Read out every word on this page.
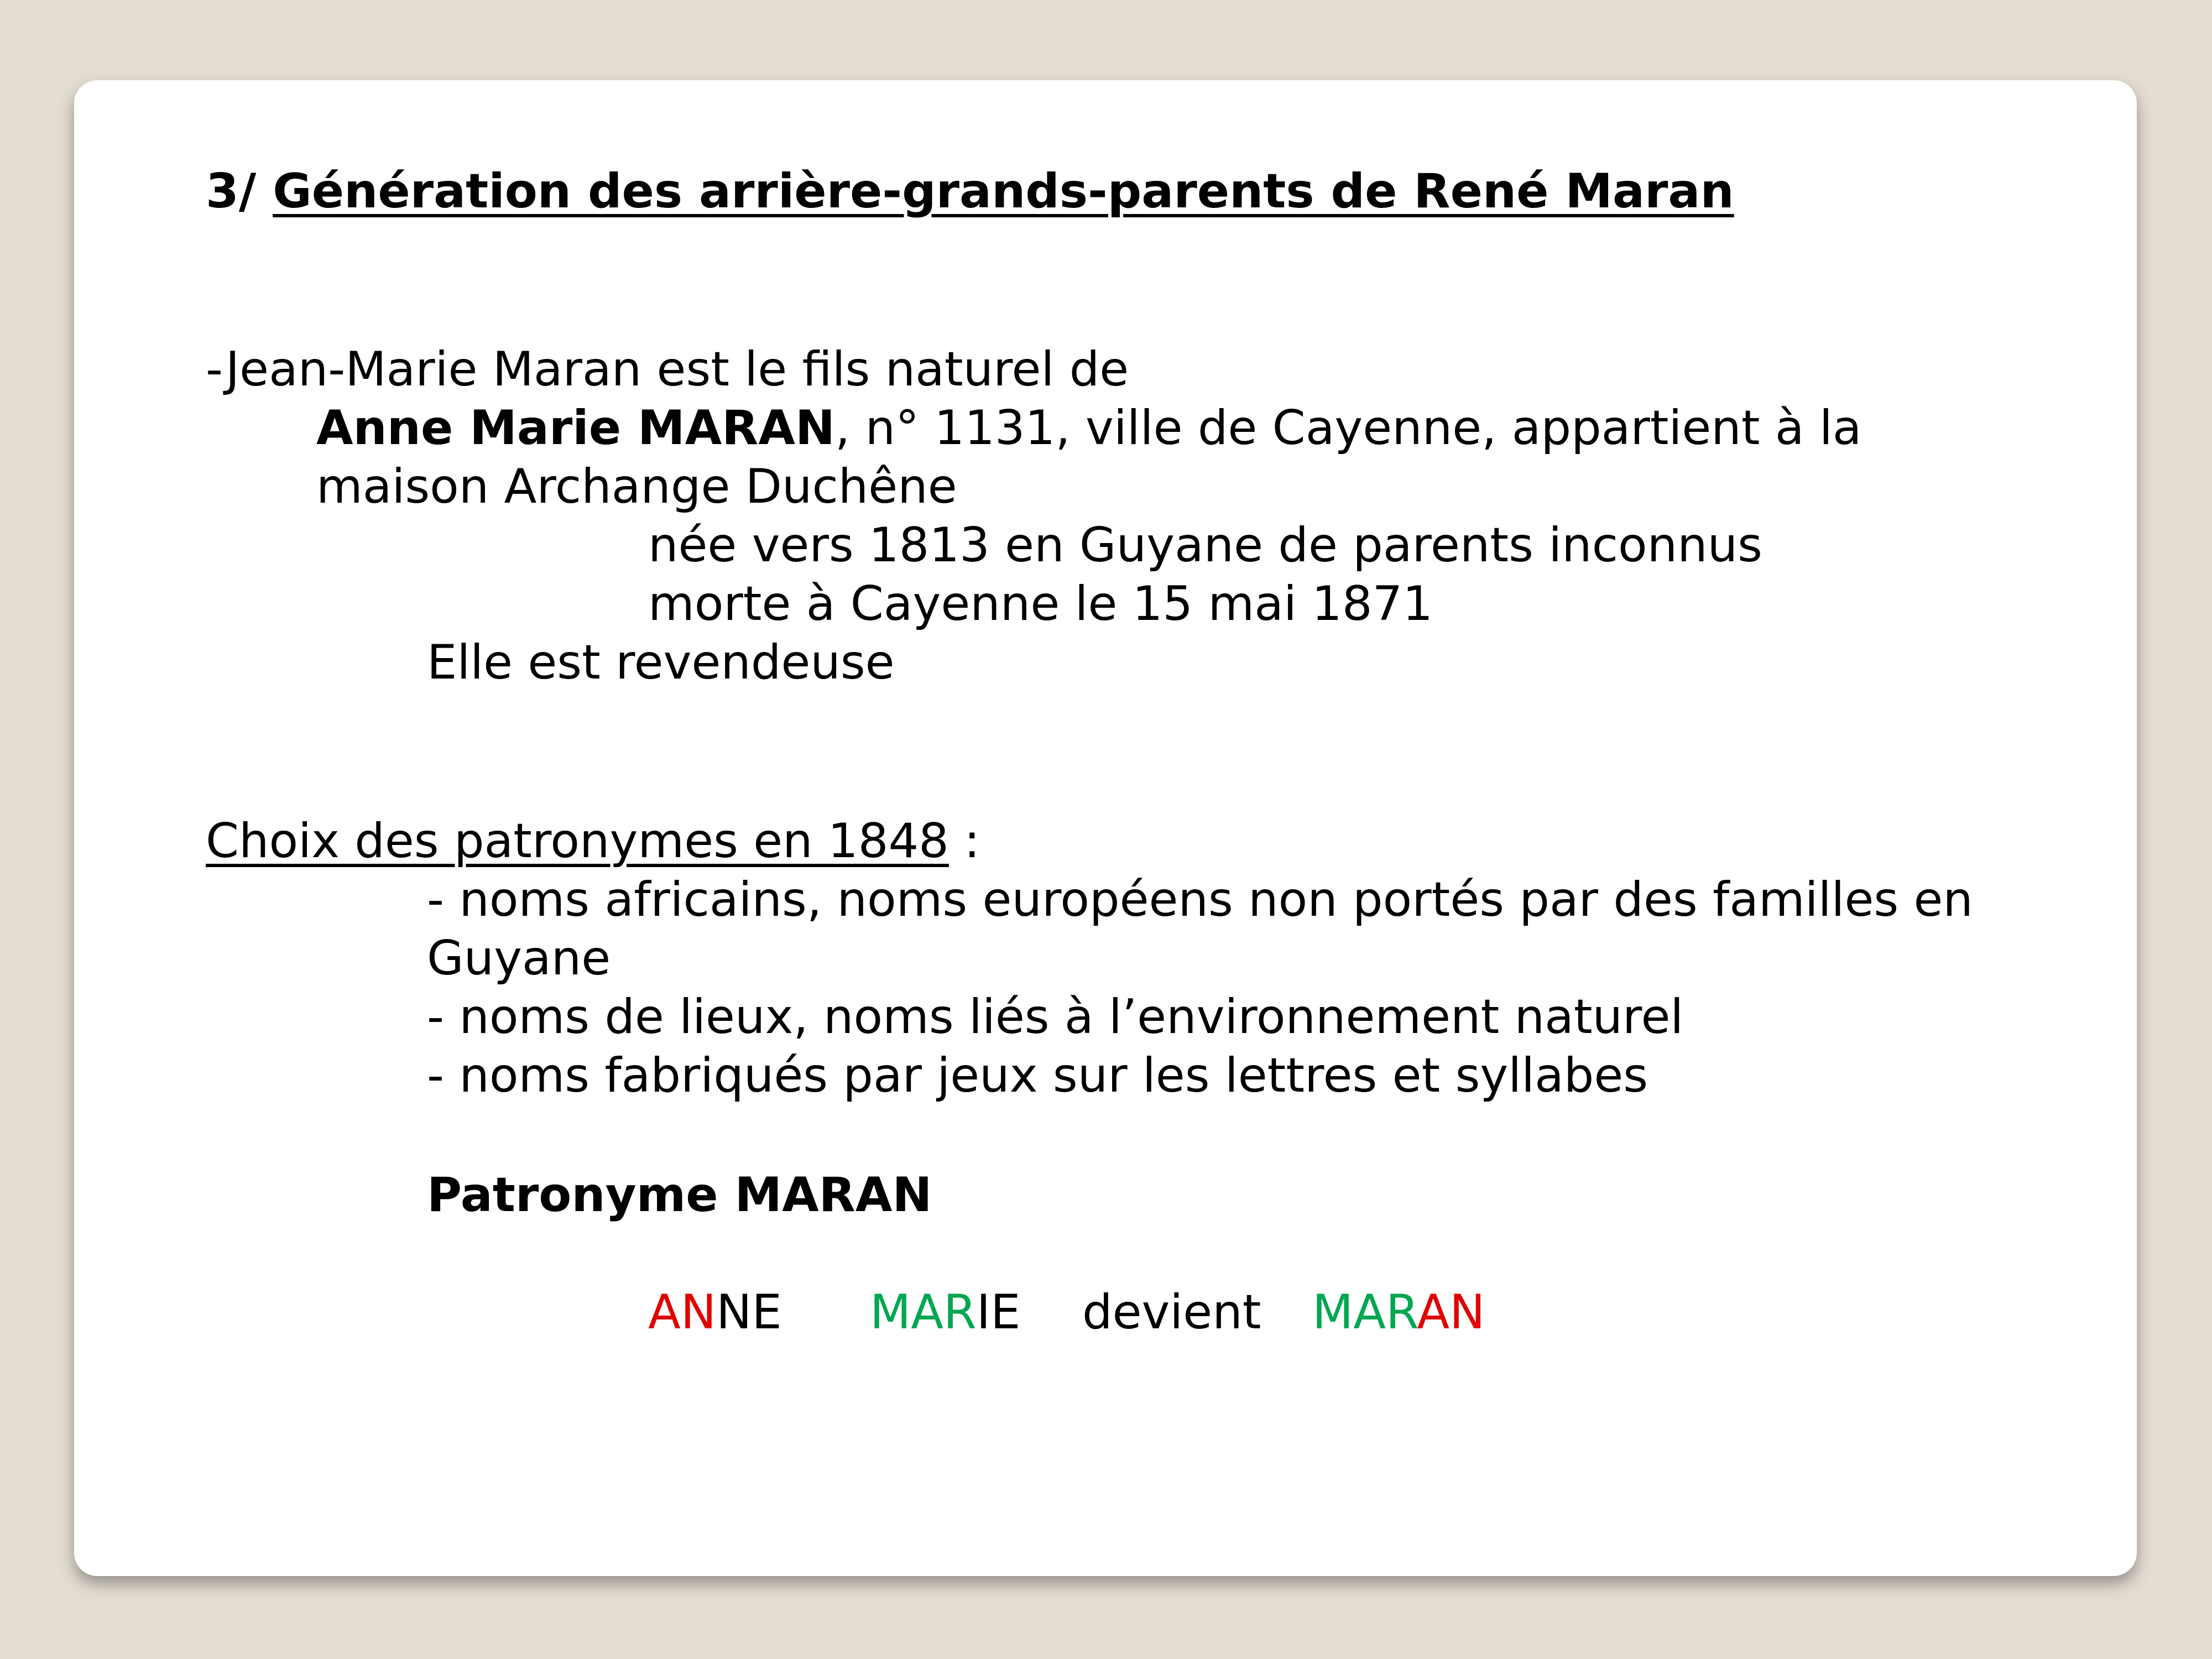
3/ Génération des arrière-grands-parents de René Maran
-Jean-Marie Maran est le fils naturel de
Anne Marie MARAN, n° 1131, ville de Cayenne, appartient à la
maison Archange Duchêne
née vers 1813 en Guyane de parents inconnus
morte à Cayenne le 15 mai 1871
Elle est revendeuse
Choix des patronymes en 1848 :
- noms africains, noms européens non portés par des familles en
Guyane
- noms de lieux, noms liés à l’environnement naturel
- noms fabriqués par jeux sur les lettres et syllabes
Patronyme MARAN
ANNE MARIE devient MARAN
